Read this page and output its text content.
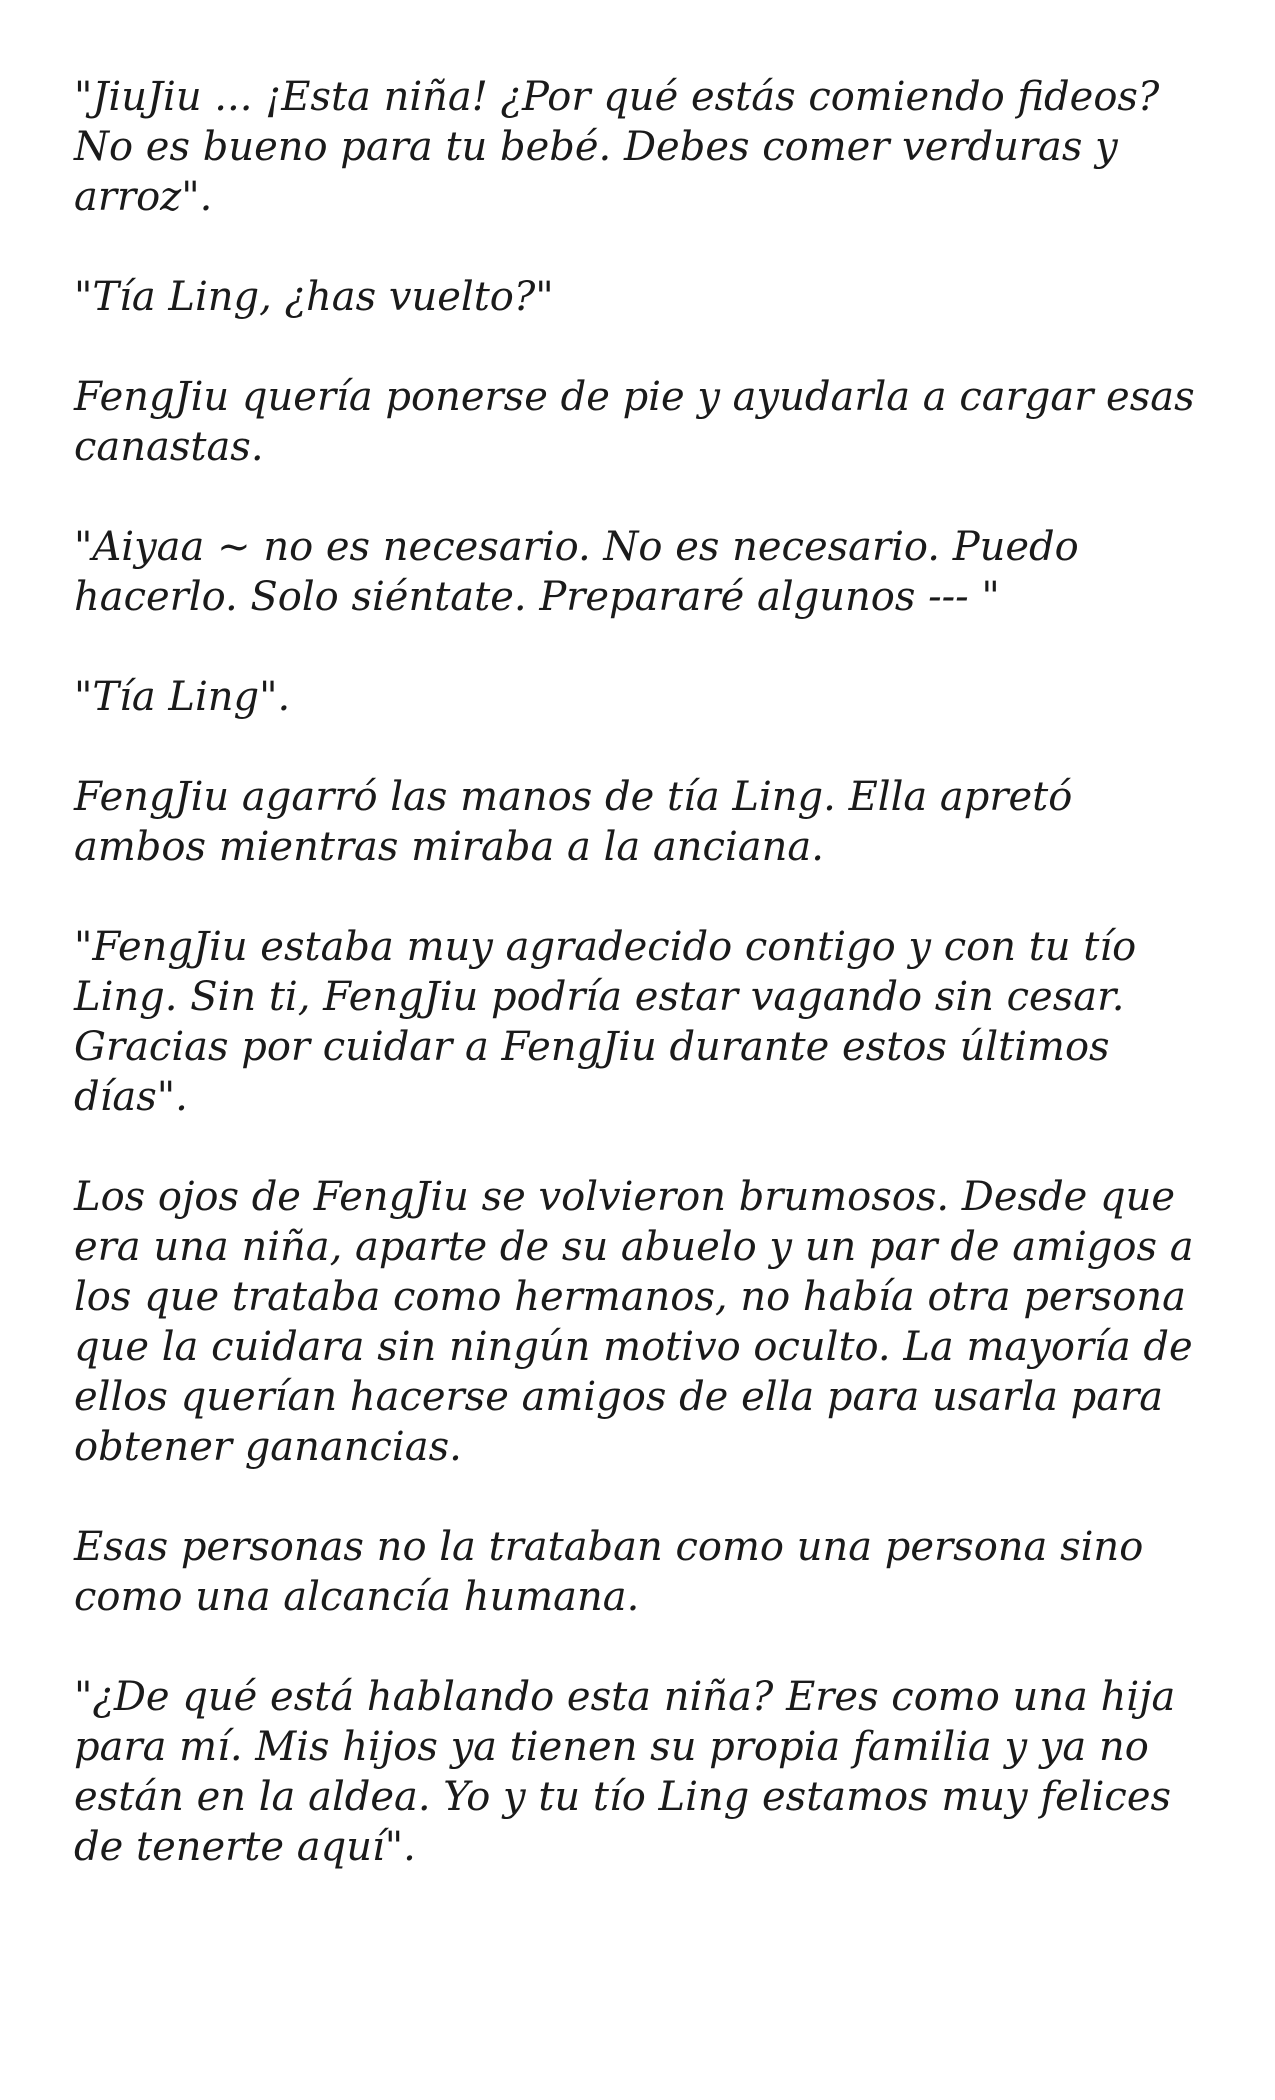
"JiuJiu ... ¡Esta niña! ¿Por qué estás comiendo fideos? No es bueno para tu bebé. Debes comer verduras y arroz".

"Tía Ling, ¿has vuelto?"

FengJiu quería ponerse de pie y ayudarla a cargar esas canastas.

"Aiyaa ~ no es necesario. No es necesario. Puedo hacerlo. Solo siéntate. Prepararé algunos --- "

"Tía Ling".

FengJiu agarró las manos de tía Ling. Ella apretó ambos mientras miraba a la anciana.

"FengJiu estaba muy agradecido contigo y con tu tío Ling. Sin ti, FengJiu podría estar vagando sin cesar. Gracias por cuidar a FengJiu durante estos últimos días".

Los ojos de FengJiu se volvieron brumosos. Desde que era una niña, aparte de su abuelo y un par de amigos a los que trataba como hermanos, no había otra persona que la cuidara sin ningún motivo oculto. La mayoría de ellos querían hacerse amigos de ella para usarla para obtener ganancias.

Esas personas no la trataban como una persona sino como una alcancía humana.

"¿De qué está hablando esta niña? Eres como una hija para mí. Mis hijos ya tienen su propia familia y ya no están en la aldea. Yo y tu tío Ling estamos muy felices de tenerte aquí".
